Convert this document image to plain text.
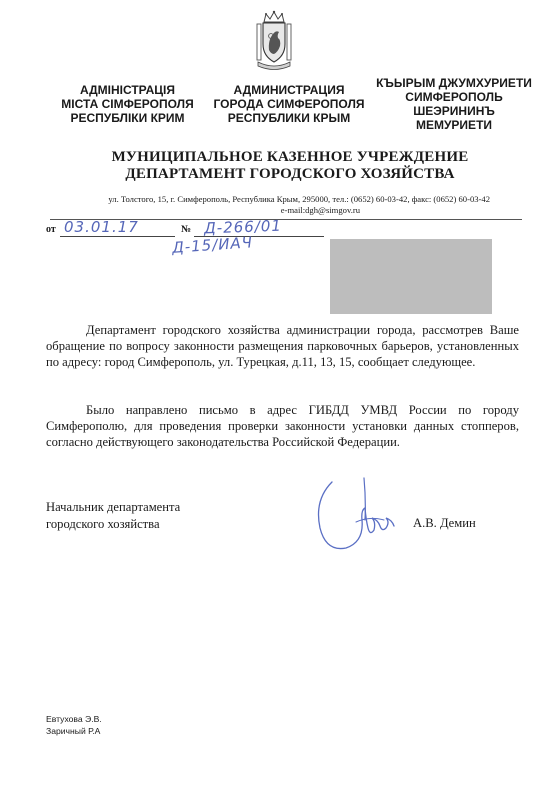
АДМІНІСТРАЦІЯ
МІСТА СІМФЕРОПОЛЯ
РЕСПУБЛІКИ КРИМ
АДМИНИСТРАЦИЯ
ГОРОДА СИМФЕРОПОЛЯ
РЕСПУБЛИКИ КРЫМ
КЪЫРЫМ ДЖУМХУРИЕТИ
СИМФЕРОПОЛЬ
ШЕЭРИНИНЪ
МЕМУРИЕТИ
МУНИЦИПАЛЬНОЕ КАЗЕННОЕ УЧРЕЖДЕНИЕ
ДЕПАРТАМЕНТ ГОРОДСКОГО ХОЗЯЙСТВА
ул. Толстого, 15, г. Симферополь, Республика Крым, 295000, тел.: (0652) 60-03-42, факс: (0652) 60-03-42
e-mail:dgh@simgov.ru
от 03.01.17	№ Д-266/01
Д-15/ИАЧ
Департамент городского хозяйства администрации города, рассмотрев Ваше обращение по вопросу законности размещения парковочных барьеров, установленных по адресу: город Симферополь, ул. Турецкая, д.11, 13, 15, сообщает следующее.
Было направлено письмо в адрес ГИБДД УМВД России по городу Симферополю, для проведения проверки законности установки данных стопперов, согласно действующего законодательства Российской Федерации.
Начальник департамента
городского хозяйства	А.В. Демин
Евтухова Э.В.
Заричный Р.А
